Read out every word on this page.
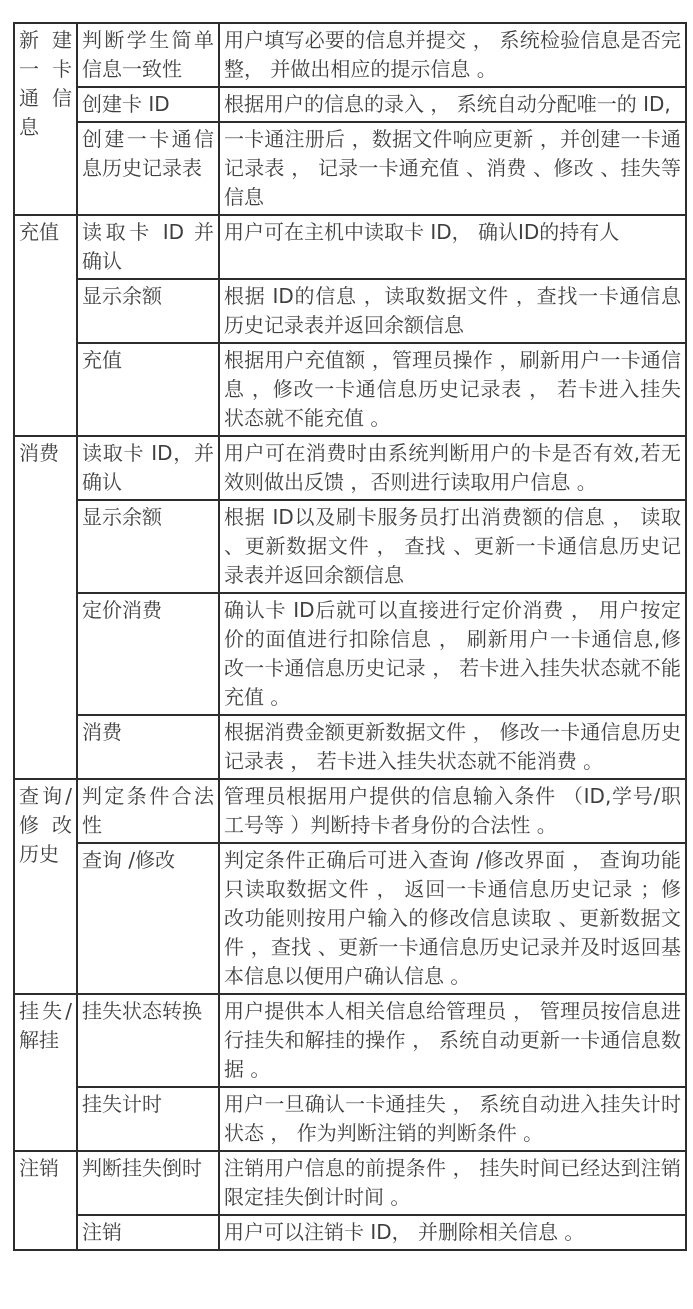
新建一卡通信息	判断学生简单信息一致性	用户填写必要的信息并提交 ， 系统检验信息是否完整， 并做出相应的提示信息 。
	创建卡 ID	根据用户的信息的录入 ， 系统自动分配唯一的 ID,
	创建一卡通信息历史记录表	一卡通注册后 ，数据文件响应更新 ，并创建一卡通记录表 ， 记录一卡通充值 、消费 、修改 、挂失等信息
充值	读取卡 ID 并确认	用户可在主机中读取卡 ID， 确认ID的持有人
	显示余额	根据 ID的信息 ，读取数据文件 ，查找一卡通信息历史记录表并返回余额信息
	充值	根据用户充值额 ，管理员操作 ，刷新用户一卡通信息 ，修改一卡通信息历史记录表 ， 若卡进入挂失状态就不能充值 。
消费	读取卡 ID，并确认	用户可在消费时由系统判断用户的卡是否有效,若无效则做出反馈 ，否则进行读取用户信息 。
	显示余额	根据 ID以及刷卡服务员打出消费额的信息 ， 读取 、更新数据文件 ， 查找 、更新一卡通信息历史记录表并返回余额信息
	定价消费	确认卡 ID后就可以直接进行定价消费 ， 用户按定价的面值进行扣除信息 ， 刷新用户一卡通信息,修改一卡通信息历史记录 ， 若卡进入挂失状态就不能充值 。
	消费	根据消费金额更新数据文件 ， 修改一卡通信息历史记录表 ， 若卡进入挂失状态就不能消费 。
查询/修改历史	判定条件合法性	管理员根据用户提供的信息输入条件 （ID,学号/职工号等 ）判断持卡者身份的合法性 。
	查询 /修改	判定条件正确后可进入查询 /修改界面 ， 查询功能只读取数据文件 ， 返回一卡通信息历史记录 ；修改功能则按用户输入的修改信息读取 、更新数据文件 ，查找 、更新一卡通信息历史记录并及时返回基本信息以便用户确认信息 。
挂失/解挂	挂失状态转换	用户提供本人相关信息给管理员 ， 管理员按信息进行挂失和解挂的操作 ， 系统自动更新一卡通信息数据 。
	挂失计时	用户一旦确认一卡通挂失 ， 系统自动进入挂失计时状态 ， 作为判断注销的判断条件 。
注销	判断挂失倒时	注销用户信息的前提条件 ， 挂失时间已经达到注销限定挂失倒计时间 。
	注销	用户可以注销卡 ID， 并删除相关信息 。
